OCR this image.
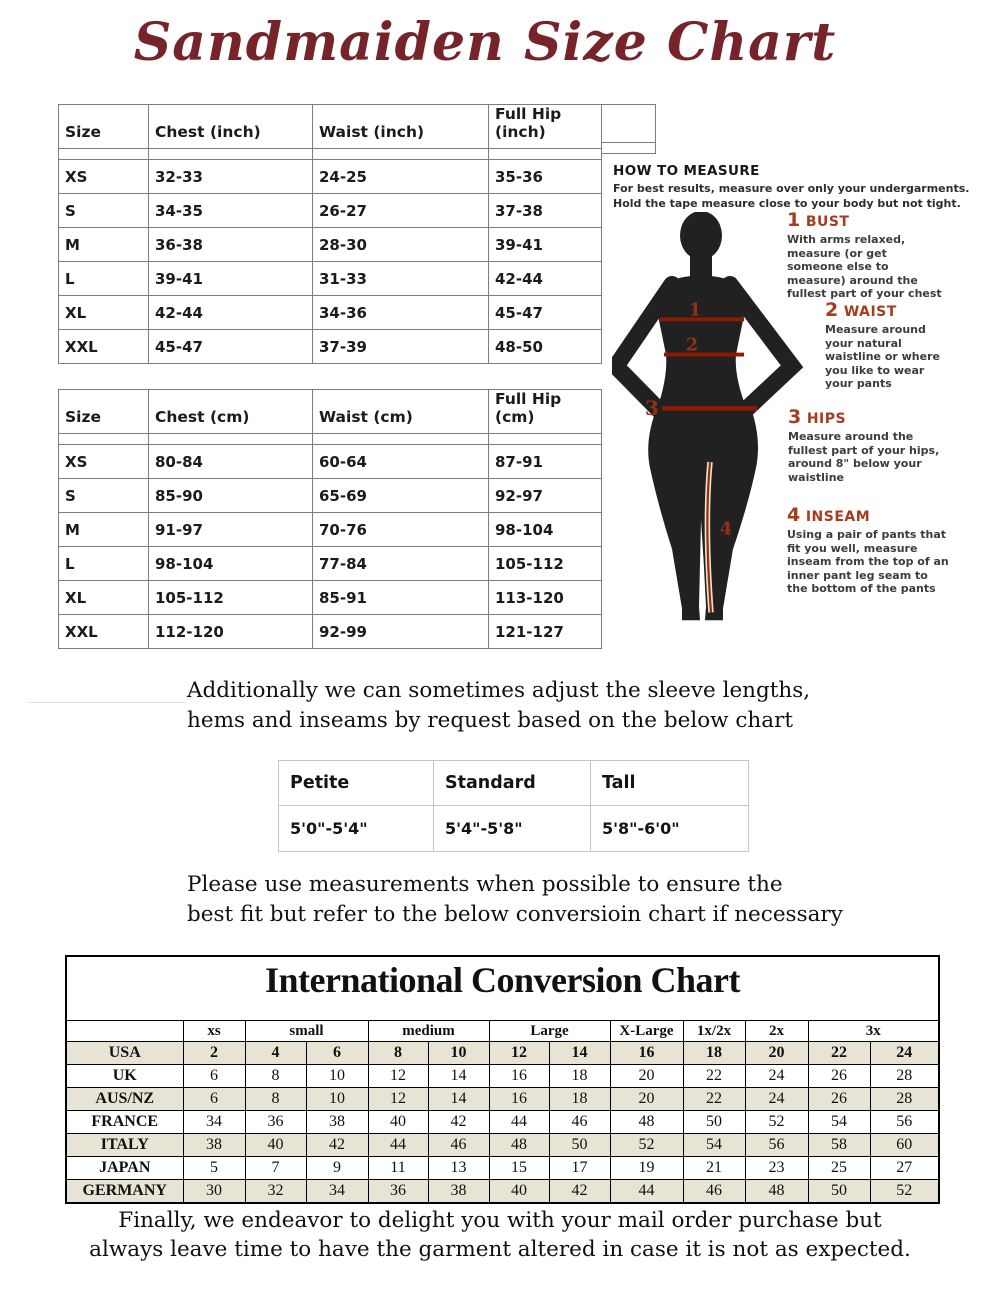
Sandmaiden Size Chart
Size	Chest (inch)	Waist (inch)	Full Hip (inch)

XS	32-33	24-25	35-36
S	34-35	26-27	37-38
M	36-38	28-30	39-41
L	39-41	31-33	42-44
XL	42-44	34-36	45-47
XXL	45-47	37-39	48-50
Size	Chest (cm)	Waist (cm)	Full Hip (cm)

XS	80-84	60-64	87-91
S	85-90	65-69	92-97
M	91-97	70-76	98-104
L	98-104	77-84	105-112
XL	105-112	85-91	113-120
XXL	112-120	92-99	121-127
HOW TO MEASURE
For best results, measure over only your undergarments.
Hold the tape measure close to your body but not tight.
1
2
3
4
1 BUST
With arms relaxed, measure (or get someone else to measure) around the fullest part of your chest
2 WAIST
Measure around your natural waistline or where you like to wear your pants
3 HIPS
Measure around the fullest part of your hips, around 8" below your waistline
4 INSEAM
Using a pair of pants that fit you well, measure inseam from the top of an inner pant leg seam to the bottom of the pants
Additionally we can sometimes adjust the sleeve lengths,
hems and inseams by request based on the below chart
Petite	Standard	Tall
5'0"-5'4"	5'4"-5'8"	5'8"-6'0"
Please use measurements when possible to ensure the
best fit but refer to the below conversioin chart if necessary
International Conversion Chart												
	xs	small		medium		Large		X-Large	1x/2x	2x	3x	
USA	2	4	6	8	10	12	14	16	18	20	22	24
UK	6	8	10	12	14	16	18	20	22	24	26	28
AUS/NZ	6	8	10	12	14	16	18	20	22	24	26	28
FRANCE	34	36	38	40	42	44	46	48	50	52	54	56
ITALY	38	40	42	44	46	48	50	52	54	56	58	60
JAPAN	5	7	9	11	13	15	17	19	21	23	25	27
GERMANY	30	32	34	36	38	40	42	44	46	48	50	52
Finally, we endeavor to delight you with your mail order purchase but
always leave time to have the garment altered in case it is not as expected.
